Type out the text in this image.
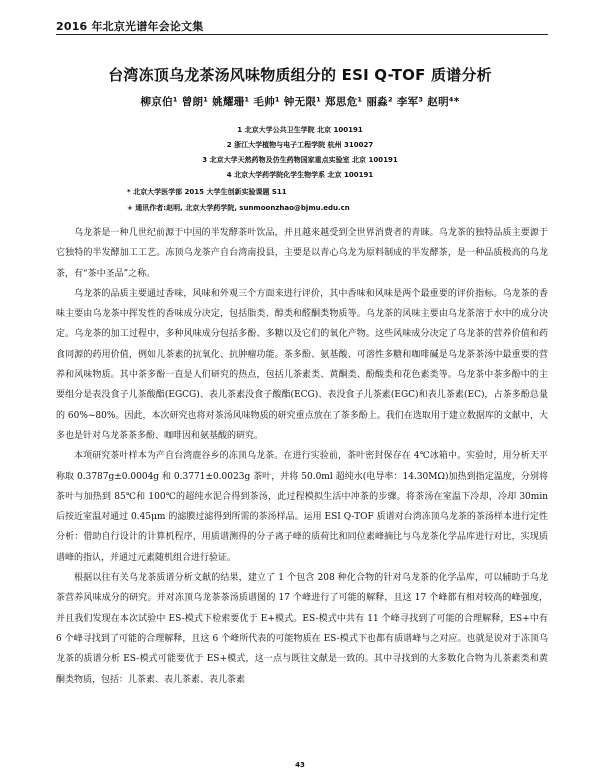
2016 年北京光谱年会论文集
台湾冻顶乌龙茶汤风味物质组分的 ESI Q-TOF 质谱分析
柳京伯¹ 曾朗¹ 姚耀珊¹ 毛帅¹ 钟无限¹ 郑思危¹ 丽淼² 李军³ 赵明⁴*
1 北京大学公共卫生学院 北京 100191
2 浙江大学植物与电子工程学院 杭州 310027
3 北京大学天然药物及仿生药物国家重点实验室 北京 100191
4 北京大学药学院化学生物学系 北京 100191
* 北京大学医学部 2015 大学生创新实验课题 S11
+ 通讯作者:赵明, 北京大学药学院, sunmoonzhao@bjmu.edu.cn

乌龙茶是一种几世纪前源于中国的半发酵茶叶饮品，并且越来越受到全世界消费者的青睐。乌龙茶的独特品质主要源于它独特的半发酵加工工艺。冻顶乌龙茶产自台湾南投县，主要是以青心乌龙为原料制成的半发酵茶，是一种品质极高的乌龙茶，有“茶中圣品”之称。

乌龙茶的品质主要通过香味，风味和外观三个方面来进行评价，其中香味和风味是两个最重要的评价指标。乌龙茶的香味主要由乌龙茶中挥发性的香味成分决定，包括脂类、醇类和醛酮类物质等。乌龙茶的风味主要由乌龙茶溶于水中的成分决定。乌龙茶的加工过程中，多种风味成分包括多酚、多糖以及它们的氧化产物。这些风味成分决定了乌龙茶的营养价值和药食同源的药用价值，例如儿茶素的抗氧化、抗肿瘤功能。茶多酚、氨基酸、可溶性多糖和咖啡碱是乌龙茶茶汤中最重要的营养和风味物质。其中茶多酚一直是人们研究的热点，包括儿茶素类、黄酮类、酚酸类和花色素类等。乌龙茶中茶多酚中的主要组分是表没食子儿茶酸酯(EGCG)、表儿茶素没食子酸酯(ECG)、表没食子儿茶素(EGC)和表儿茶素(EC)，占茶多酚总量的 60%~80%。因此，本次研究也将对茶汤风味物质的研究重点放在了茶多酚上。我们在选取用于建立数据库的文献中，大多也是针对乌龙茶茶多酚、咖啡因和氨基酸的研究。

本项研究茶叶样本为产自台湾鹿谷乡的冻顶乌龙茶。在进行实验前，茶叶密封保存在 4℃冰箱中。实验时，用分析天平称取 0.3787g±0.0004g 和 0.3771±0.0023g 茶叶，并将 50.0ml 超纯水(电导率：14.30MΩ)加热到指定温度，分别将茶叶与加热到 85℃和 100℃的超纯水泥合得到茶汤，此过程模拟生活中冲茶的步骤。将茶汤在室温下冷却，冷却 30min 后按近室温对通过 0.45μm 的滤膜过滤得到所需的茶汤样品。运用 ESI Q-TOF 质谱对台湾冻顶乌龙茶的茶汤样本进行定性分析：借助自行设计的计算机程序，用质谱测得的分子离子峰的质荷比和同位素峰摘比与乌龙茶化学品库进行对比，实现质谱峰的指认，并通过元素随机组合进行验证。

根据以往有关乌龙茶质谱分析文献的结果，建立了 1 个包含 208 种化合物的针对乌龙茶的化学品库，可以辅助于乌龙茶营养风味成分的研究。并对冻顶乌龙茶茶汤质谱图的 17 个峰进行了可能的解释，且这 17 个峰都有相对较高的峰强度，并且我们发现在本次试验中 ES-模式下检索要优于 E+模式。ES-模式中共有 11 个峰寻找到了可能的合理解释，ES+中有 6 个峰寻找到了可能的合理解释，且这 6 个峰所代表的可能物质在 ES-模式下也都有质谱峰与之对应。也就是说对于冻顶乌龙茶的质谱分析 ES-模式可能要优于 ES+模式，这一点与既往文献是一致的。其中寻找到的大多数化合物为儿茶素类和黄酮类物质，包括：儿茶素、表儿茶素、表儿茶素

43
